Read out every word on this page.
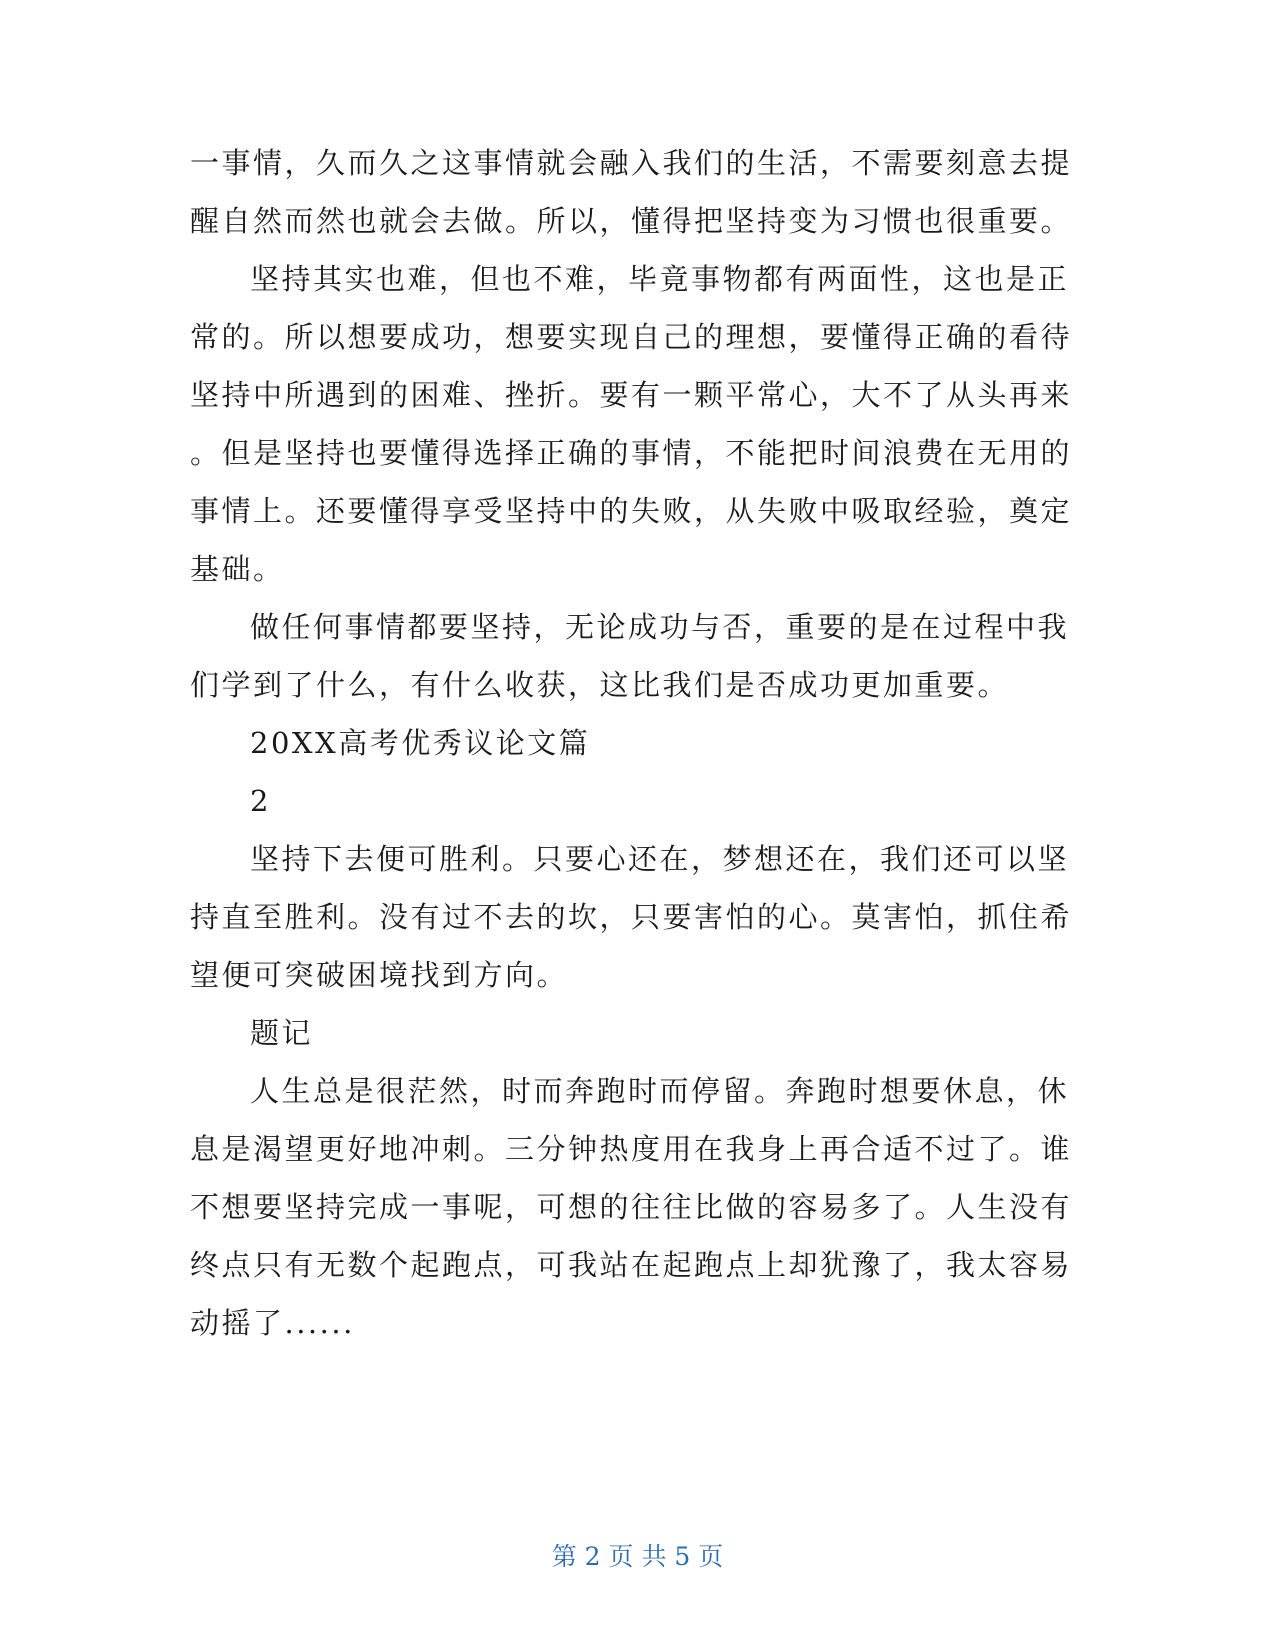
一事情，久而久之这事情就会融入我们的生活，不需要刻意去提
醒自然而然也就会去做。所以，懂得把坚持变为习惯也很重要。
坚持其实也难，但也不难，毕竟事物都有两面性，这也是正
常的。所以想要成功，想要实现自己的理想，要懂得正确的看待
坚持中所遇到的困难、挫折。要有一颗平常心，大不了从头再来
。但是坚持也要懂得选择正确的事情，不能把时间浪费在无用的
事情上。还要懂得享受坚持中的失败，从失败中吸取经验，奠定
基础。
做任何事情都要坚持，无论成功与否，重要的是在过程中我
们学到了什么，有什么收获，这比我们是否成功更加重要。
20XX高考优秀议论文篇
2
坚持下去便可胜利。只要心还在，梦想还在，我们还可以坚
持直至胜利。没有过不去的坎，只要害怕的心。莫害怕，抓住希
望便可突破困境找到方向。
题记
人生总是很茫然，时而奔跑时而停留。奔跑时想要休息，休
息是渴望更好地冲刺。三分钟热度用在我身上再合适不过了。谁
不想要坚持完成一事呢，可想的往往比做的容易多了。人生没有
终点只有无数个起跑点，可我站在起跑点上却犹豫了，我太容易
动摇了......
第 2 页 共 5 页
